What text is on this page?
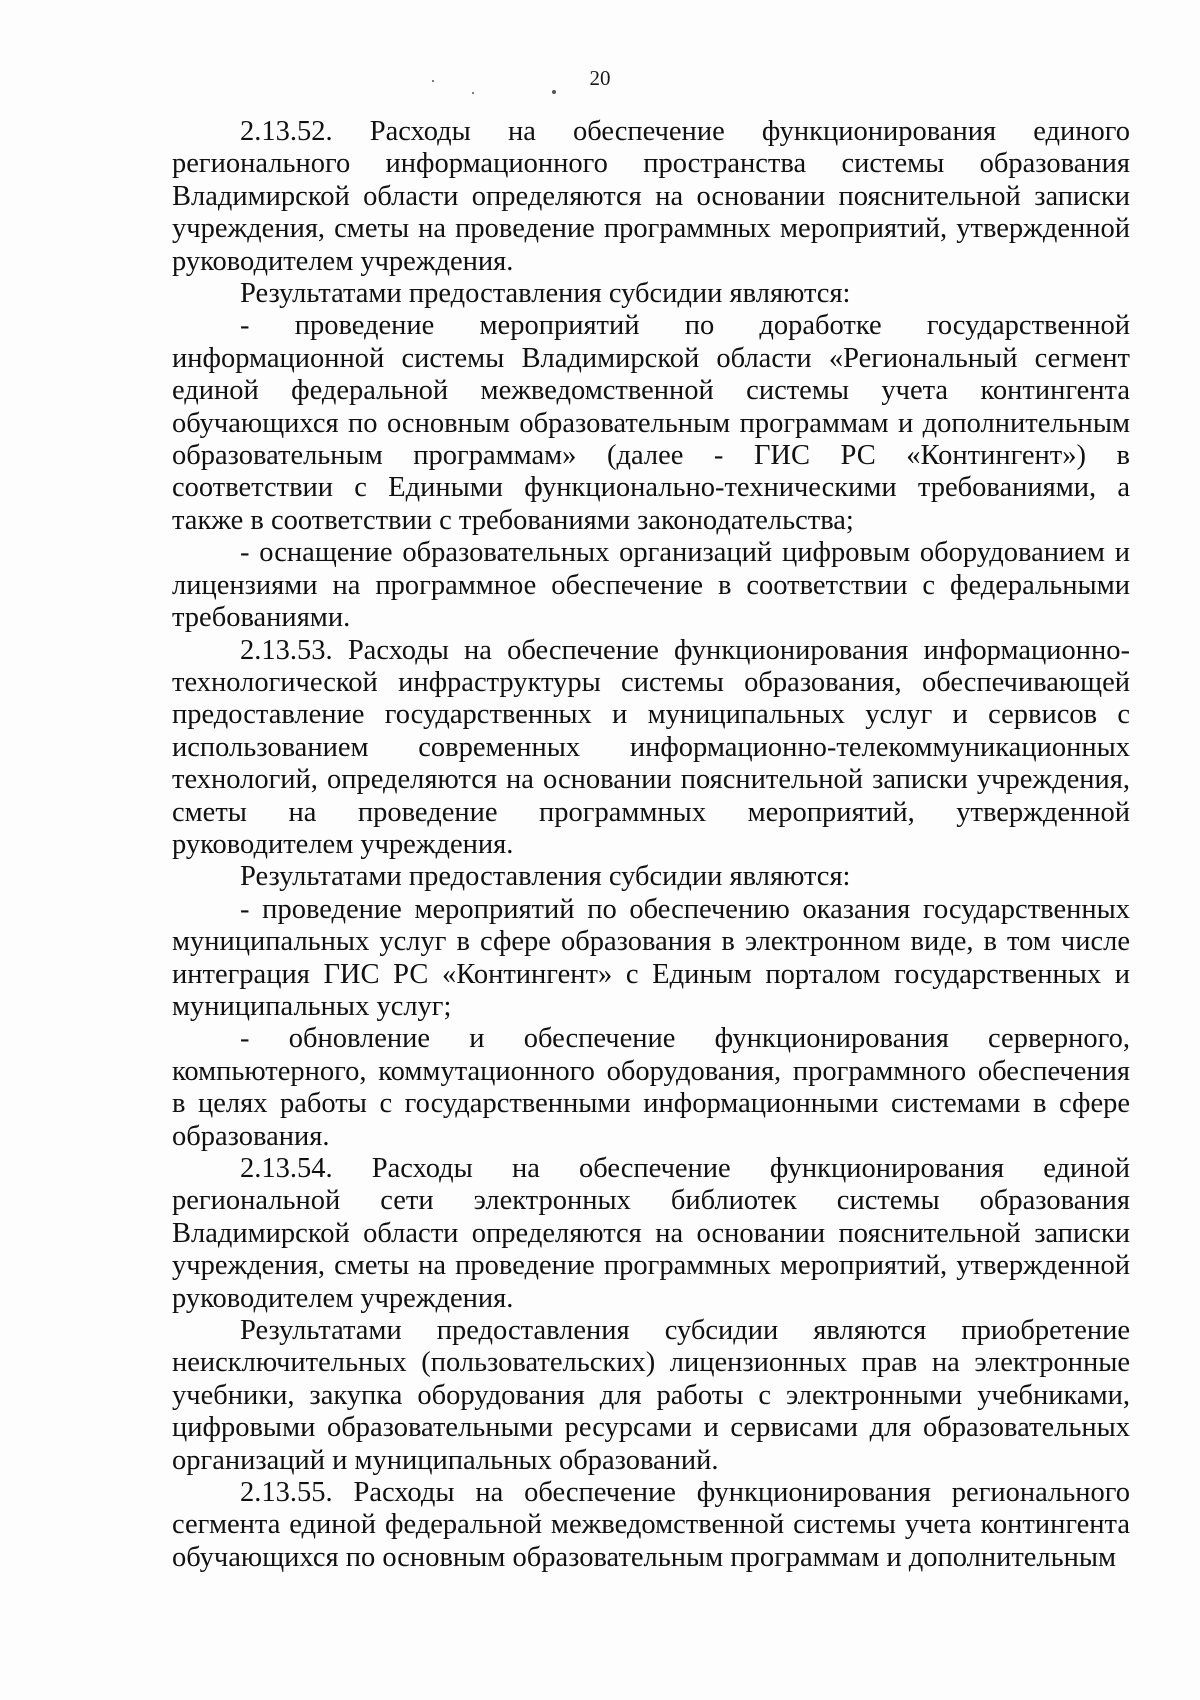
20

2.13.52. Расходы на обеспечение функционирования единого регионального информационного пространства системы образования Владимирской области определяются на основании пояснительной записки учреждения, сметы на проведение программных мероприятий, утвержденной руководителем учреждения.

Результатами предоставления субсидии являются:

- проведение мероприятий по доработке государственной информационной системы Владимирской области «Региональный сегмент единой федеральной межведомственной системы учета контингента обучающихся по основным образовательным программам и дополнительным образовательным программам» (далее - ГИС РС «Контингент») в соответствии с Едиными функционально-техническими требованиями, а также в соответствии с требованиями законодательства;

- оснащение образовательных организаций цифровым оборудованием и лицензиями на программное обеспечение в соответствии с федеральными требованиями.

2.13.53. Расходы на обеспечение функционирования информационно-технологической инфраструктуры системы образования, обеспечивающей предоставление государственных и муниципальных услуг и сервисов с использованием современных информационно-телекоммуникационных технологий, определяются на основании пояснительной записки учреждения, сметы на проведение программных мероприятий, утвержденной руководителем учреждения.

Результатами предоставления субсидии являются:

- проведение мероприятий по обеспечению оказания государственных муниципальных услуг в сфере образования в электронном виде, в том числе интеграция ГИС РС «Контингент» с Единым порталом государственных и муниципальных услуг;

- обновление и обеспечение функционирования серверного, компьютерного, коммутационного оборудования, программного обеспечения в целях работы с государственными информационными системами в сфере образования.

2.13.54. Расходы на обеспечение функционирования единой региональной сети электронных библиотек системы образования Владимирской области определяются на основании пояснительной записки учреждения, сметы на проведение программных мероприятий, утвержденной руководителем учреждения.

Результатами предоставления субсидии являются приобретение неисключительных (пользовательских) лицензионных прав на электронные учебники, закупка оборудования для работы с электронными учебниками, цифровыми образовательными ресурсами и сервисами для образовательных организаций и муниципальных образований.

2.13.55. Расходы на обеспечение функционирования регионального сегмента единой федеральной межведомственной системы учета контингента обучающихся по основным образовательным программам и дополнительным
